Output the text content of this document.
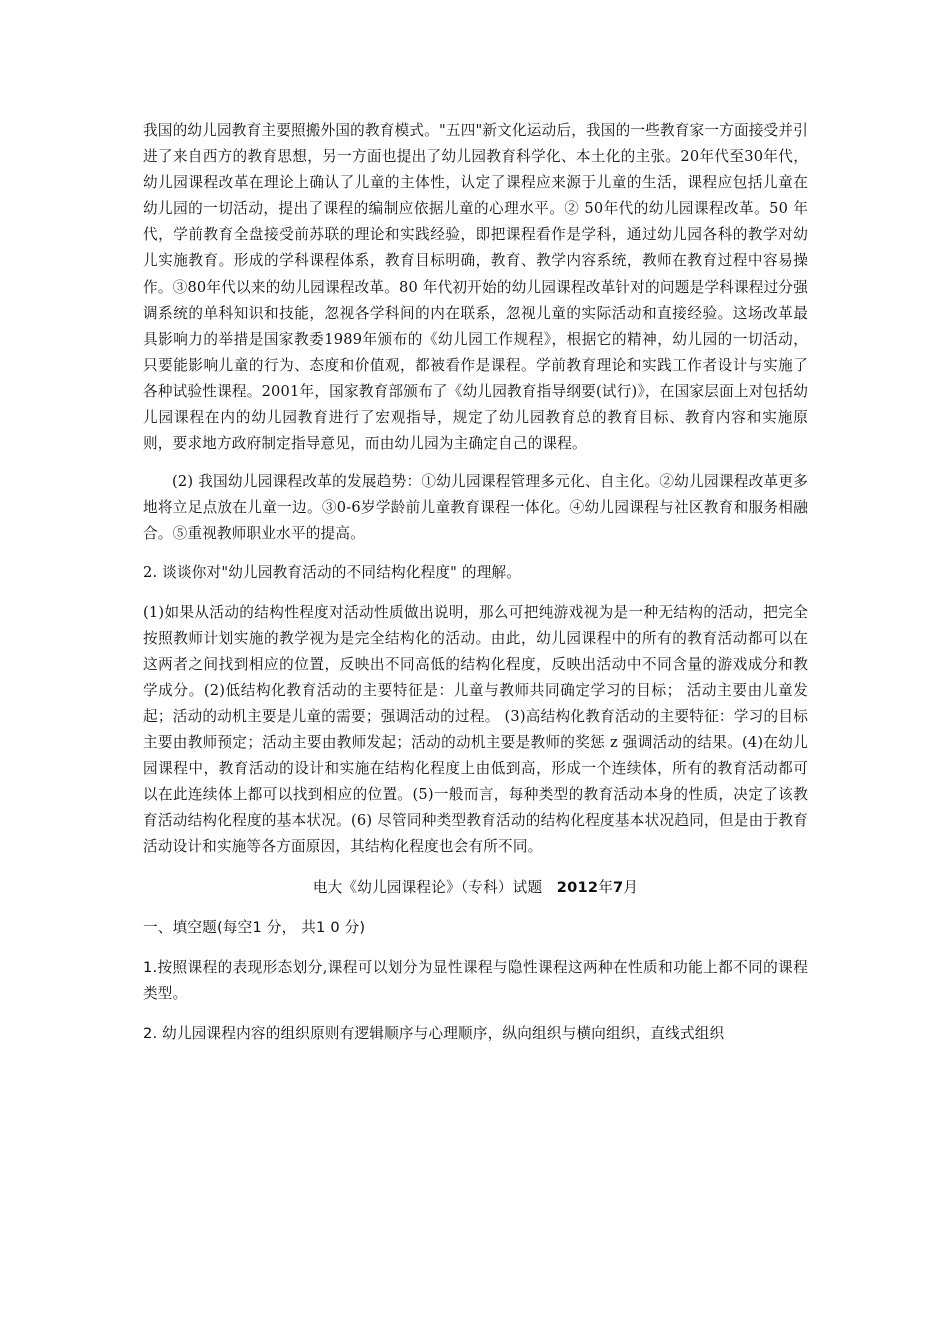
我国的幼儿园教育主要照搬外国的教育模式。"五四"新文化运动后，我国的一些教育家一方面接受并引进了来自西方的教育思想，另一方面也提出了幼儿园教育科学化、本土化的主张。20年代至30年代，幼儿园课程改革在理论上确认了儿童的主体性，认定了课程应来源于儿童的生活，课程应包括儿童在幼儿园的一切活动，提出了课程的编制应依据儿童的心理水平。② 50年代的幼儿园课程改革。50 年代，学前教育全盘接受前苏联的理论和实践经验，即把课程看作是学科，通过幼儿园各科的教学对幼儿实施教育。形成的学科课程体系，教育目标明确，教育、教学内容系统，教师在教育过程中容易操作。③80年代以来的幼儿园课程改革。80 年代初开始的幼儿园课程改革针对的问题是学科课程过分强调系统的单科知识和技能，忽视各学科间的内在联系，忽视儿童的实际活动和直接经验。这场改革最具影响力的举措是国家教委1989年颁布的《幼儿园工作规程》，根据它的精神，幼儿园的一切活动，只要能影响儿童的行为、态度和价值观，都被看作是课程。学前教育理论和实践工作者设计与实施了各种试验性课程。2001年，国家教育部颁布了《幼儿园教育指导纲要(试行)》，在国家层面上对包括幼儿园课程在内的幼儿园教育进行了宏观指导，规定了幼儿园教育总的教育目标、教育内容和实施原则，要求地方政府制定指导意见，而由幼儿园为主确定自己的课程。

(2) 我国幼儿园课程改革的发展趋势：①幼儿园课程管理多元化、自主化。②幼儿园课程改革更多地将立足点放在儿童一边。③0-6岁学龄前儿童教育课程一体化。④幼儿园课程与社区教育和服务相融合。⑤重视教师职业水平的提高。

2. 谈谈你对"幼儿园教育活动的不同结构化程度" 的理解。

(1)如果从活动的结构性程度对活动性质做出说明，那么可把纯游戏视为是一种无结构的活动，把完全按照教师计划实施的教学视为是完全结构化的活动。由此，幼儿园课程中的所有的教育活动都可以在这两者之间找到相应的位置，反映出不同高低的结构化程度，反映出活动中不同含量的游戏成分和教学成分。(2)低结构化教育活动的主要特征是：儿童与教师共同确定学习的目标； 活动主要由儿童发起；活动的动机主要是儿童的需要；强调活动的过程。 (3)高结构化教育活动的主要特征：学习的目标主要由教师预定；活动主要由教师发起；活动的动机主要是教师的奖惩 z 强调活动的结果。(4)在幼儿园课程中，教育活动的设计和实施在结构化程度上由低到高，形成一个连续体，所有的教育活动都可以在此连续体上都可以找到相应的位置。(5)一般而言，每种类型的教育活动本身的性质，决定了该教育活动结构化程度的基本状况。(6) 尽管同种类型教育活动的结构化程度基本状况趋同，但是由于教育活动设计和实施等各方面原因，其结构化程度也会有所不同。

电大《幼儿园课程论》（专科）试题 2012年7月

一、填空题(每空1 分， 共1 0 分)

1.按照课程的表现形态划分,课程可以划分为显性课程与隐性课程这两种在性质和功能上都不同的课程类型。

2. 幼儿园课程内容的组织原则有逻辑顺序与心理顺序，纵向组织与横向组织，直线式组织
